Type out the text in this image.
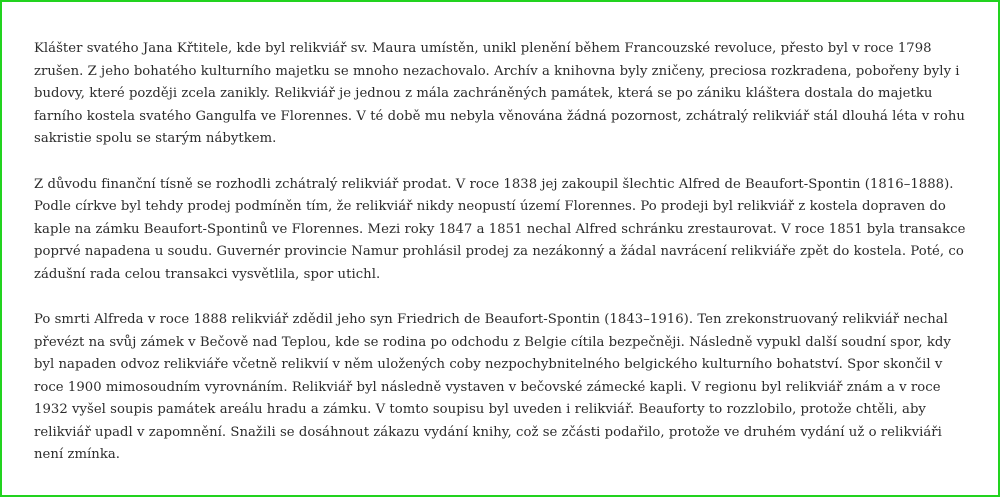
Klášter svatého Jana Křtitele, kde byl relikviář sv. Maura umístěn, unikl plenění během Francouzské revoluce, přesto byl v roce 1798 zrušen. Z jeho bohatého kulturního majetku se mnoho nezachovalo. Archív a knihovna byly zničeny, preciosa rozkradena, pobořeny byly i budovy, které později zcela zanikly. Relikviář je jednou z mála zachráněných památek, která se po zániku kláštera dostala do majetku farního kostela svatého Gangulfa ve Florennes. V té době mu nebyla věnována žádná pozornost, zchátralý relikviář stál dlouhá léta v rohu sakristie spolu se starým nábytkem.

Z důvodu finanční tísně se rozhodli zchátralý relikviář prodat. V roce 1838 jej zakoupil šlechtic Alfred de Beaufort-Spontin (1816–1888). Podle církve byl tehdy prodej podmíněn tím, že relikviář nikdy neopustí území Florennes. Po prodeji byl relikviář z kostela dopraven do kaple na zámku Beaufort-Spontinů ve Florennes. Mezi roky 1847 a 1851 nechal Alfred schránku zrestaurovat. V roce 1851 byla transakce poprvé napadena u soudu. Guvernér provincie Namur prohlásil prodej za nezákonný a žádal navrácení relikviáře zpět do kostela. Poté, co zádušní rada celou transakci vysvětlila, spor utichl.

Po smrti Alfreda v roce 1888 relikviář zdědil jeho syn Friedrich de Beaufort-Spontin (1843–1916). Ten zrekonstruovaný relikviář nechal převézt na svůj zámek v Bečově nad Teplou, kde se rodina po odchodu z Belgie cítila bezpečněji. Následně vypukl další soudní spor, kdy byl napaden odvoz relikviáře včetně relikvií v něm uložených coby nezpochybnitelného belgického kulturního bohatství. Spor skončil v roce 1900 mimosoudním vyrovnáním. Relikviář byl následně vystaven v bečovské zámecké kapli. V regionu byl relikviář znám a v roce 1932 vyšel soupis památek areálu hradu a zámku. V tomto soupisu byl uveden i relikviář. Beauforty to rozzlobilo, protože chtěli, aby relikviář upadl v zapomnění. Snažili se dosáhnout zákazu vydání knihy, což se zčásti podařilo, protože ve druhém vydání už o relikviáři není zmínka.
